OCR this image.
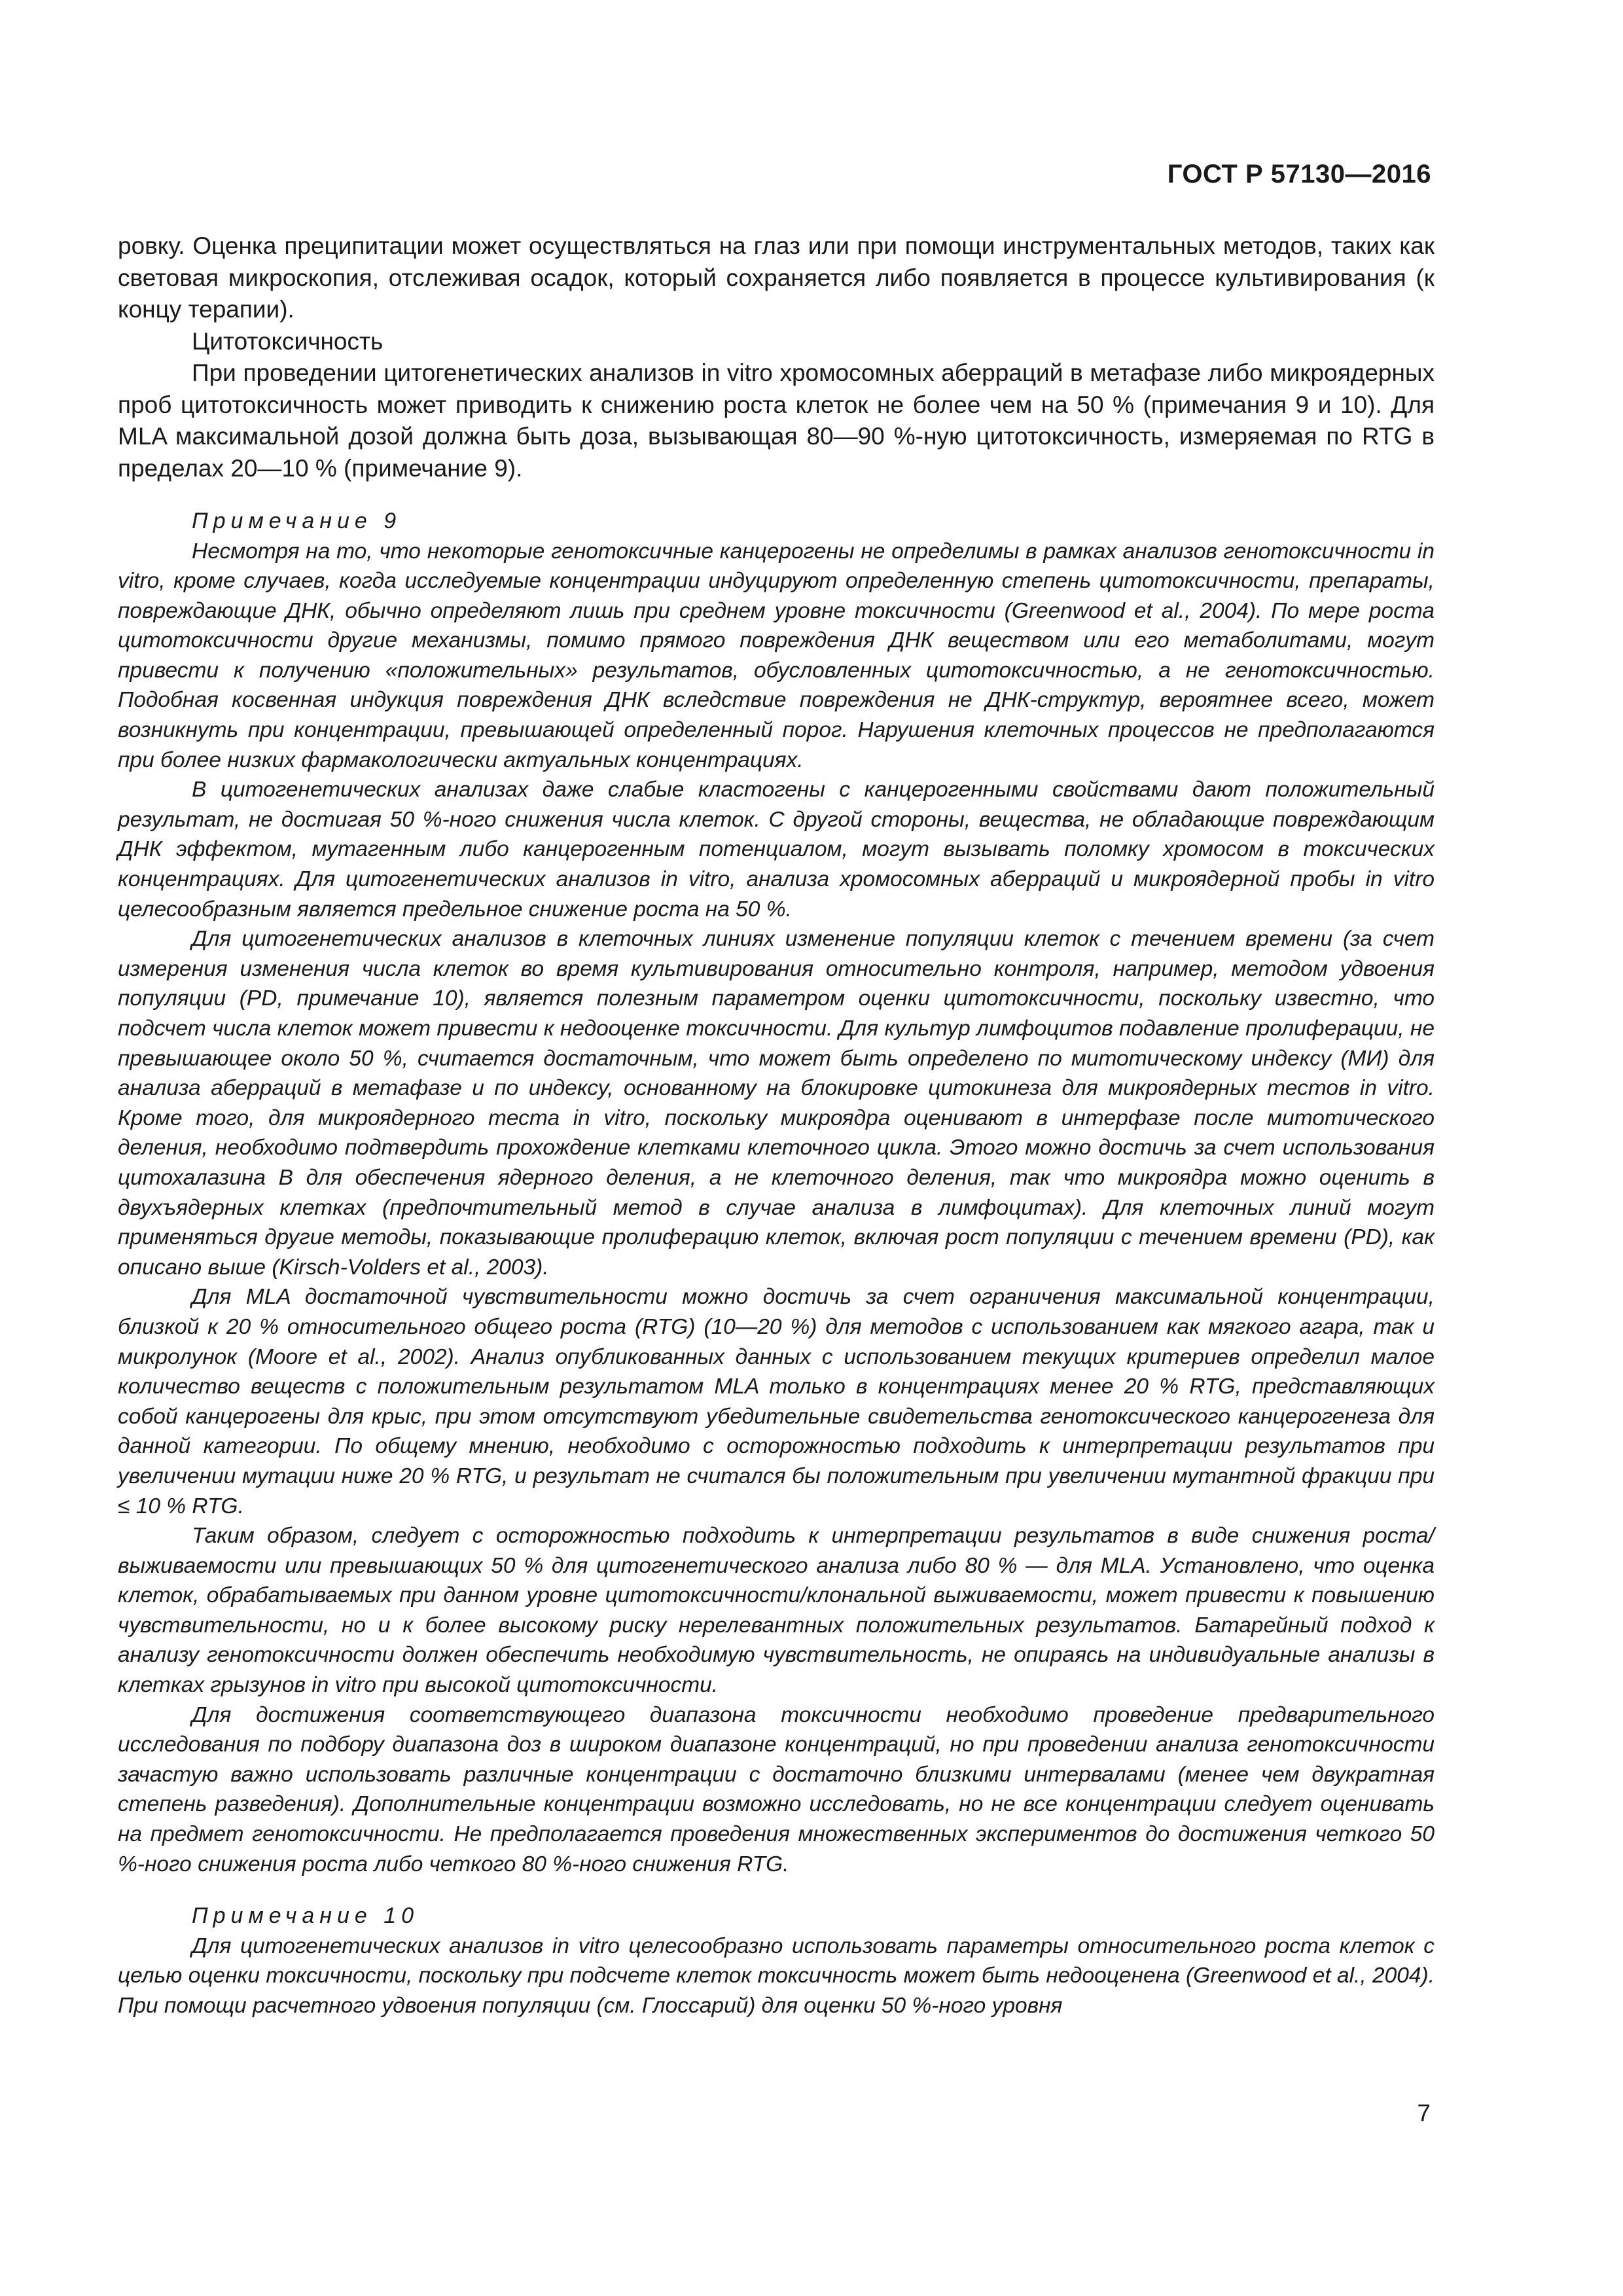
ГОСТ Р 57130—2016

ровку. Оценка преципитации может осуществляться на глаз или при помощи инструментальных методов, таких как световая микроскопия, отслеживая осадок, который сохраняется либо появляется в процессе культивирования (к концу терапии).

Цитотоксичность

При проведении цитогенетических анализов in vitro хромосомных аберраций в метафазе либо микроядерных проб цитотоксичность может приводить к снижению роста клеток не более чем на 50 % (примечания 9 и 10). Для MLA максимальной дозой должна быть доза, вызывающая 80—90 %-ную цитотоксичность, измеряемая по RTG в пределах 20—10 % (примечание 9).

Примечание 9

Несмотря на то, что некоторые генотоксичные канцерогены не определимы в рамках анализов генотоксичности in vitro, кроме случаев, когда исследуемые концентрации индуцируют определенную степень цитотоксичности, препараты, повреждающие ДНК, обычно определяют лишь при среднем уровне токсичности (Greenwood et al., 2004). По мере роста цитотоксичности другие механизмы, помимо прямого повреждения ДНК веществом или его метаболитами, могут привести к получению «положительных» результатов, обусловленных цитотоксичностью, а не генотоксичностью. Подобная косвенная индукция повреждения ДНК вследствие повреждения не ДНК-структур, вероятнее всего, может возникнуть при концентрации, превышающей определенный порог. Нарушения клеточных процессов не предполагаются при более низких фармакологически актуальных концентрациях.

В цитогенетических анализах даже слабые кластогены с канцерогенными свойствами дают положительный результат, не достигая 50 %-ного снижения числа клеток. С другой стороны, вещества, не обладающие повреждающим ДНК эффектом, мутагенным либо канцерогенным потенциалом, могут вызывать поломку хромосом в токсических концентрациях. Для цитогенетических анализов in vitro, анализа хромосомных аберраций и микроядерной пробы in vitro целесообразным является предельное снижение роста на 50 %.

Для цитогенетических анализов в клеточных линиях изменение популяции клеток с течением времени (за счет измерения изменения числа клеток во время культивирования относительно контроля, например, методом удвоения популяции (PD, примечание 10), является полезным параметром оценки цитотоксичности, поскольку известно, что подсчет числа клеток может привести к недооценке токсичности. Для культур лимфоцитов подавление пролиферации, не превышающее около 50 %, считается достаточным, что может быть определено по митотическому индексу (МИ) для анализа аберраций в метафазе и по индексу, основанному на блокировке цитокинеза для микроядерных тестов in vitro. Кроме того, для микроядерного теста in vitro, поскольку микроядра оценивают в интерфазе после митотического деления, необходимо подтвердить прохождение клетками клеточного цикла. Этого можно достичь за счет использования цитохалазина В для обеспечения ядерного деления, а не клеточного деления, так что микроядра можно оценить в двухъядерных клетках (предпочтительный метод в случае анализа в лимфоцитах). Для клеточных линий могут применяться другие методы, показывающие пролиферацию клеток, включая рост популяции с течением времени (PD), как описано выше (Kirsch-Volders et al., 2003).

Для MLA достаточной чувствительности можно достичь за счет ограничения максимальной концентрации, близкой к 20 % относительного общего роста (RTG) (10—20 %) для методов с использованием как мягкого агара, так и микролунок (Moore et al., 2002). Анализ опубликованных данных с использованием текущих критериев определил малое количество веществ с положительным результатом MLA только в концентрациях менее 20 % RTG, представляющих собой канцерогены для крыс, при этом отсутствуют убедительные свидетельства генотоксического канцерогенеза для данной категории. По общему мнению, необходимо с осторожностью подходить к интерпретации результатов при увеличении мутации ниже 20 % RTG, и результат не считался бы положительным при увеличении мутантной фракции при ≤ 10 % RTG.

Таким образом, следует с осторожностью подходить к интерпретации результатов в виде снижения роста/выживаемости или превышающих 50 % для цитогенетического анализа либо 80 % — для MLA. Установлено, что оценка клеток, обрабатываемых при данном уровне цитотоксичности/клональной выживаемости, может привести к повышению чувствительности, но и к более высокому риску нерелевантных положительных результатов. Батарейный подход к анализу генотоксичности должен обеспечить необходимую чувствительность, не опираясь на индивидуальные анализы в клетках грызунов in vitro при высокой цитотоксичности.

Для достижения соответствующего диапазона токсичности необходимо проведение предварительного исследования по подбору диапазона доз в широком диапазоне концентраций, но при проведении анализа генотоксичности зачастую важно использовать различные концентрации с достаточно близкими интервалами (менее чем двукратная степень разведения). Дополнительные концентрации возможно исследовать, но не все концентрации следует оценивать на предмет генотоксичности. Не предполагается проведения множественных экспериментов до достижения четкого 50 %-ного снижения роста либо четкого 80 %-ного снижения RTG.

Примечание 10

Для цитогенетических анализов in vitro целесообразно использовать параметры относительного роста клеток с целью оценки токсичности, поскольку при подсчете клеток токсичность может быть недооценена (Greenwood et al., 2004). При помощи расчетного удвоения популяции (см. Глоссарий) для оценки 50 %-ного уровня

7
